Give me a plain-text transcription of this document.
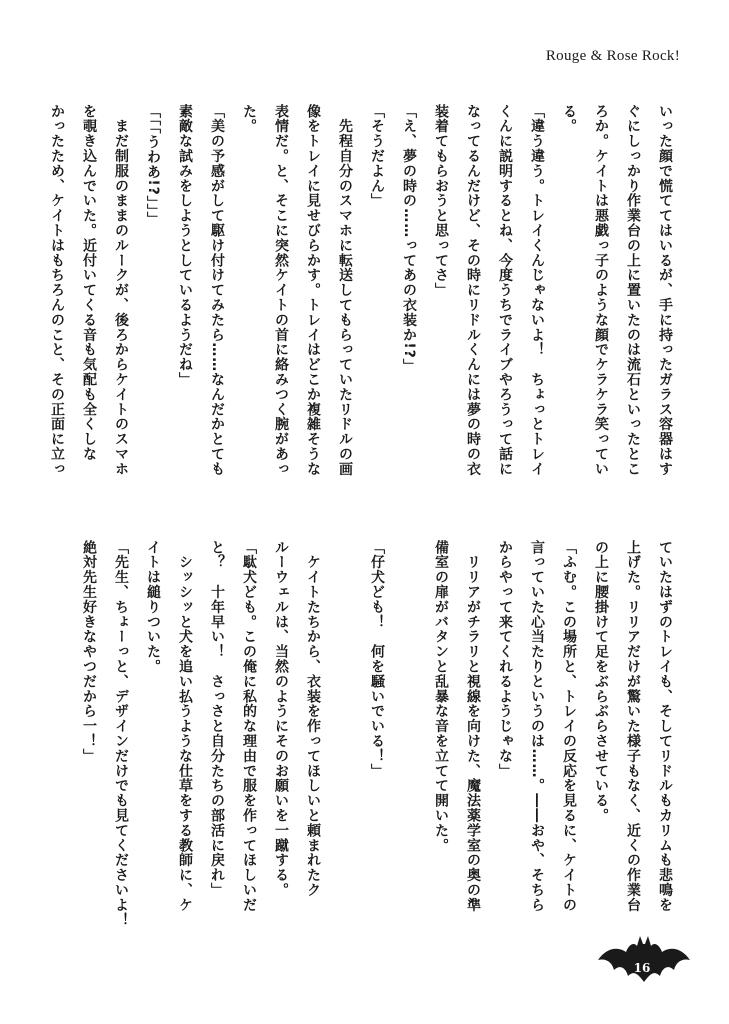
Rouge & Rose Rock!
いった顔で慌ててはいるが、手に持ったガラス容器はす
ぐにしっかり作業台の上に置いたのは流石といったとこ
ろか。ケイトは悪戯っ子のような顔でケラケラ笑ってい
る。
「違う違う。トレイくんじゃないよ！　ちょっとトレイ
くんに説明するとね、今度うちでライブやろうって話に
なってるんだけど、その時にリドルくんには夢の時の衣
装着てもらおうと思ってさ」
「え、夢の時の……ってあの衣装か!?」
「そうだよん」
　先程自分のスマホに転送してもらっていたリドルの画
像をトレイに見せびらかす。トレイはどこか複雑そうな
表情だ。と、そこに突然ケイトの首に絡みつく腕があっ
た。
「美の予感がして駆け付けてみたら……なんだかとても
素敵な試みをしようとしているようだね」
「「「うわあ!?」」」
　まだ制服のままのルークが、後ろからケイトのスマホ
を覗き込んでいた。近付いてくる音も気配も全くしな
かったため、ケイトはもちろんのこと、その正面に立っ
ていたはずのトレイも、そしてリドルもカリムも悲鳴を
上げた。リリアだけが驚いた様子もなく、近くの作業台
の上に腰掛けて足をぶらぶらさせている。
「ふむ。この場所と、トレイの反応を見るに、ケイトの
言っていた心当たりというのは……。――おや、そちら
からやって来てくれるようじゃな」
　リリアがチラリと視線を向けた、魔法薬学室の奥の準
備室の扉がバタンと乱暴な音を立てて開いた。

「仔犬ども！　何を騒いでいる！」

　ケイトたちから、衣装を作ってほしいと頼まれたク
ルーウェルは、当然のようにそのお願いを一蹴する。
「駄犬ども。この俺に私的な理由で服を作ってほしいだ
と？　十年早い！　さっさと自分たちの部活に戻れ」
　シッシッと犬を追い払うような仕草をする教師に、ケ
イトは縋りついた。
「先生、ちょーっと、デザインだけでも見てくださいよ！
絶対先生好きなやつだから一！」
16
